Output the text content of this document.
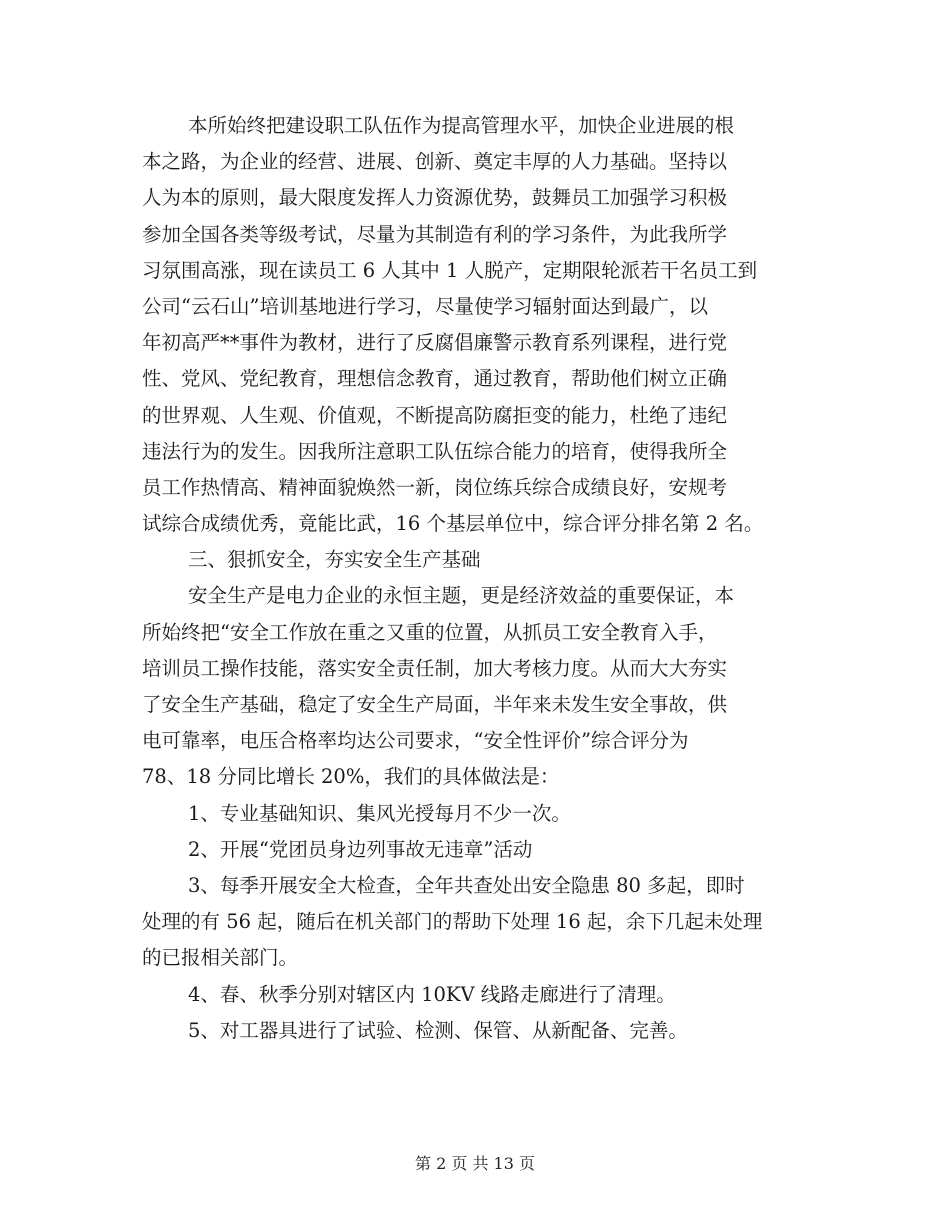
本所始终把建设职工队伍作为提高管理水平，加快企业进展的根
本之路，为企业的经营、进展、创新、奠定丰厚的人力基础。坚持以
人为本的原则，最大限度发挥人力资源优势，鼓舞员工加强学习积极
参加全国各类等级考试，尽量为其制造有利的学习条件，为此我所学
习氛围高涨，现在读员工 6 人其中 1 人脱产，定期限轮派若干名员工到
公司“云石山”培训基地进行学习，尽量使学习辐射面达到最广，以
年初高严**事件为教材，进行了反腐倡廉警示教育系列课程，进行党
性、党风、党纪教育，理想信念教育，通过教育，帮助他们树立正确
的世界观、人生观、价值观，不断提高防腐拒变的能力，杜绝了违纪
违法行为的发生。因我所注意职工队伍综合能力的培育，使得我所全
员工作热情高、精神面貌焕然一新，岗位练兵综合成绩良好，安规考
试综合成绩优秀，竟能比武，16 个基层单位中，综合评分排名第 2 名。
三、狠抓安全，夯实安全生产基础
安全生产是电力企业的永恒主题，更是经济效益的重要保证，本
所始终把“安全工作放在重之又重的位置，从抓员工安全教育入手，
培训员工操作技能，落实安全责任制，加大考核力度。从而大大夯实
了安全生产基础，稳定了安全生产局面，半年来未发生安全事故，供
电可靠率，电压合格率均达公司要求，“安全性评价”综合评分为
78、18 分同比增长 20%，我们的具体做法是：
1、专业基础知识、集风光授每月不少一次。
2、开展“党团员身边列事故无违章”活动
3、每季开展安全大检查，全年共查处出安全隐患 80 多起，即时
处理的有 56 起，随后在机关部门的帮助下处理 16 起，余下几起未处理
的已报相关部门。
4、春、秋季分别对辖区内 10KV 线路走廊进行了清理。
5、对工器具进行了试验、检测、保管、从新配备、完善。
第 2 页 共 13 页
